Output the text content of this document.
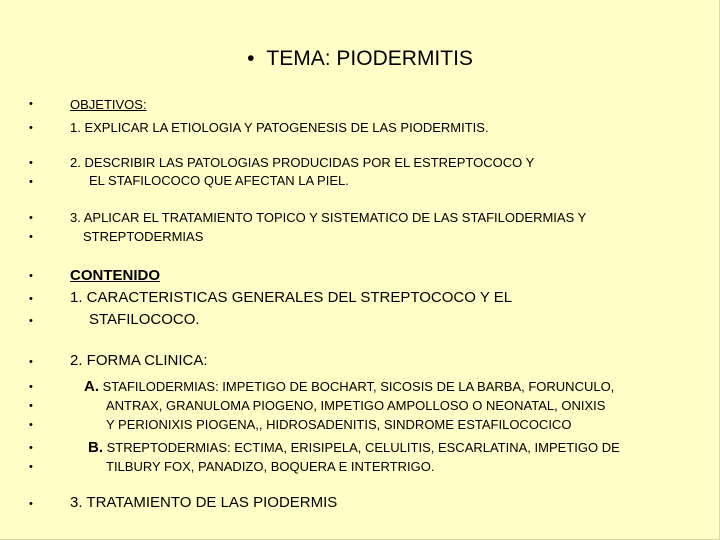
• TEMA: PIODERMITIS
•	OBJETIVOS:
•	1. EXPLICAR LA ETIOLOGIA Y PATOGENESIS DE LAS PIODERMITIS.
•	2. DESCRIBIR LAS PATOLOGIAS PRODUCIDAS POR EL ESTREPTOCOCO Y
•	EL STAFILOCOCO QUE AFECTAN LA PIEL.
•	3. APLICAR EL TRATAMIENTO TOPICO Y SISTEMATICO DE LAS STAFILODERMIAS Y
•	STREPTODERMIAS
• CONTENIDO
• 1. CARACTERISTICAS GENERALES DEL STREPTOCOCO Y EL
•	STAFILOCOCO.
• 2. FORMA CLINICA:
•	A. STAFILODERMIAS: IMPETIGO DE BOCHART, SICOSIS DE LA BARBA, FORUNCULO,
•	ANTRAX, GRANULOMA PIOGENO, IMPETIGO AMPOLLOSO O NEONATAL, ONIXIS
•	Y PERIONIXIS PIOGENA,, HIDROSADENITIS, SINDROME ESTAFILOCOCICO
•	B. STREPTODERMIAS: ECTIMA, ERISIPELA, CELULITIS, ESCARLATINA, IMPETIGO DE
•	TILBURY FOX, PANADIZO, BOQUERA E INTERTRIGO.
• 3. TRATAMIENTO DE LAS PIODERMIS
